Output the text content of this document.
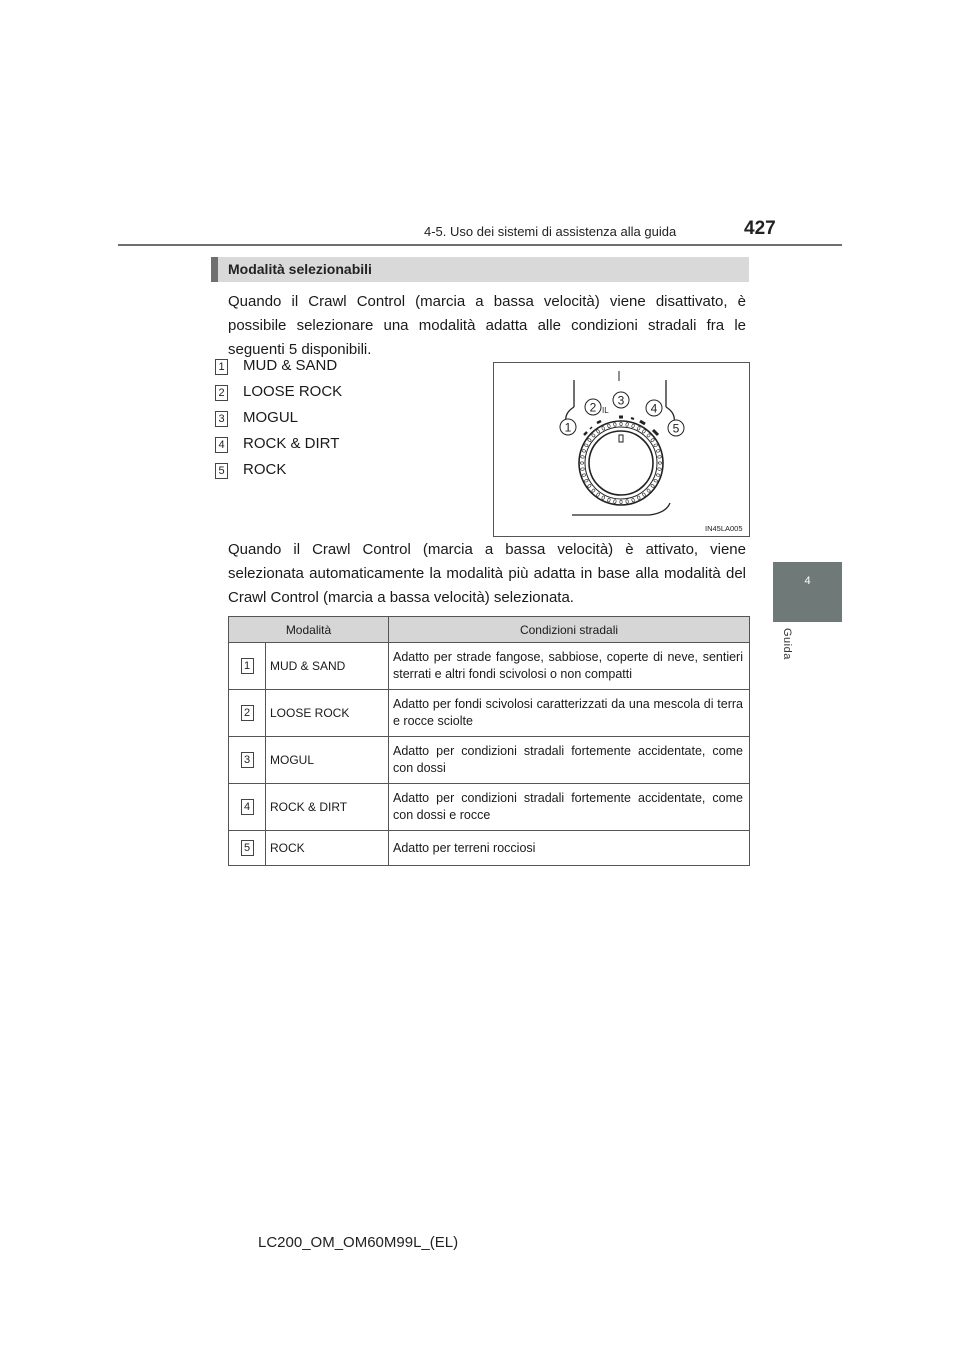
4-5. Uso dei sistemi di assistenza alla guida	427
4
Guida
Modalità selezionabili
Quando il Crawl Control (marcia a bassa velocità) viene disattivato, è possibile selezionare una modalità adatta alle condizioni stradali fra le seguenti 5 disponibili.
1 MUD & SAND
2 LOOSE ROCK
3 MOGUL
4 ROCK & DIRT
5 ROCK
IL
1
2 3
4
5
IN45LA005
Quando il Crawl Control (marcia a bassa velocità) è attivato, viene selezionata automaticamente la modalità più adatta in base alla modalità del Crawl Control (marcia a bassa velocità) selezionata.
Modalità		Condizioni stradali
1	MUD & SAND	Adatto per strade fangose, sabbiose, coperte di neve, sentieri sterrati e altri fondi scivolosi o non compatti
2	LOOSE ROCK	Adatto per fondi scivolosi caratterizzati da una mescola di terra e rocce sciolte
3	MOGUL	Adatto per condizioni stradali fortemente accidentate, come con dossi
4	ROCK & DIRT	Adatto per condizioni stradali fortemente accidentate, come con dossi e rocce
5	ROCK	Adatto per terreni rocciosi
LC200_OM_OM60M99L_(EL)
